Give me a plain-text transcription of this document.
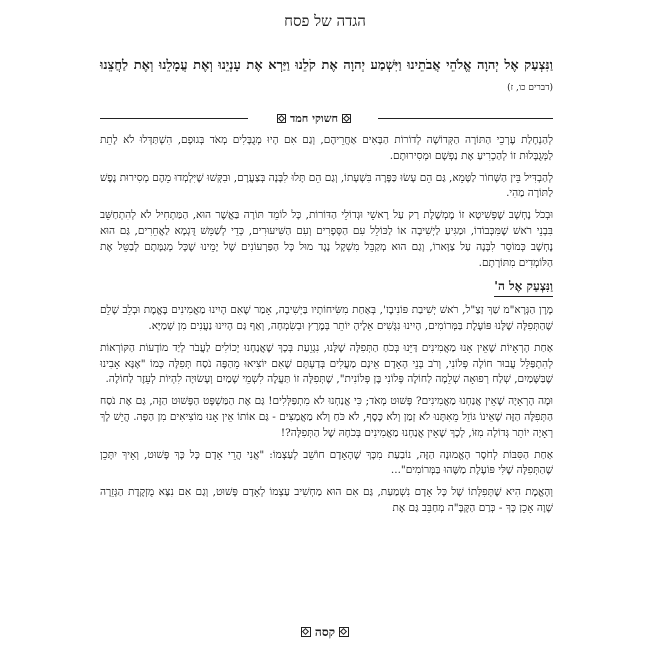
הגדה של פסח
וַנִּצְעַק אֶל יְהוָה אֱלֹהֵי אֲבֹתֵינוּ וַיִּשְׁמַע יְהוָה אֶת קֹלֵנוּ וַיַּרְא אֶת עָנְיֵנוּ וְאֶת עֲמָלֵנוּ וְאֶת לַחֲצֵנוּ (דברים כו, ז)
חשוקי חמד

לְהַנְחָלַת עֶרְכֵי הַתּוֹרָה הַקְּדוֹשָׁה לְדוֹרוֹת הַבָּאִים אַחֲרֵיהֶם, וְגַם אִם הָיוּ מְגֻבָּלִים מְאֹד בְּגוּפָם, הִשְׁתַּדְּלוּ לֹא לָתֵת לַמְּגֻבָּלוּת זוֹ לְהַכְרִיעַ אֶת נַפְשָׁם וּמְסִירוּתָם.

לְהַבְדִּיל בֵּין הַשָּׁחוֹר לַטָּמֵא, גַּם הֵם עָשׂוּ כַּפָּרָה בִּשְׁעָתוֹ, וְגַם הֵם תָּלוּ לִבָּנָה בְּצַעֲרָם, וּבִקְּשׁוּ שֶׁיִּלְמְדוּ מֵהֶם מְסִירוּת נֶפֶשׁ לַתּוֹרָה מַהִי.

וּבְכֹל נֶחְשָׁב שֶׁפְּשִׁיטָא זוֹ מֶמְשֶׁלֶת רַק עַל רָאשֵׁי וּגְדוֹלֵי הַדּוֹרוֹת, כָּל לוֹמֵד תּוֹרָה בַּאֲשֶׁר הוּא, הַמַּתְחִיל לֹא לְהִתְחַשֵּׁב בִּבְנֵי רֹאשׁ שֶׁמִּכְּבוֹדוֹ, וּמַגִּיעַ לַיְשִׁיבָה אוֹ לַכּוֹלֵל עִם הַסְּפָרִים וְעִם הַשִּׁיעוּרִים, כְּדֵי לְשַׁמֵּשׁ דֻּגְמָא לַאֲחֵרִים, גַּם הוּא נֶחְשָׁב כְּמוֹסֵר לִבָּנָה עַל צַוָּארוֹ, וְגַם הוּא מְקַבֵּל מִשְׁקָל נֶגֶד מוּל כָּל הַפַּרְעוֹנִים שֶׁל יָמֵינוּ שֶׁכָּל מְגַמָּתָם לְבַטֵּל אֶת הַלּוֹמְדִים מִתּוֹרָתָם.

וַנִּצְעַק אֶל ה'

מָרָן הַגְּרָא"מ שַׁךְ זַצַ"ל, רֹאשׁ יְשִׁיבַת פּוֹנִיבֶז', בְּאַחַת מִשִּׂיחוֹתָיו בַּיְשִׁיבָה, אָמַר שֶׁאִם הָיִינוּ מַאֲמִינִים בֶּאֱמֶת וּבְלֵב שָׁלֵם שֶׁהַתְּפִלָּה שֶׁלָּנוּ פּוֹעֶלֶת בַּמְּרוֹמִים, הָיִינוּ נִגָּשִׁים אֵלֶיהָ יוֹתֵר בְּמֶרֶץ וּבְשִׂמְחָה, וְאַף גַּם הָיִינוּ נַעֲנִים מִן שְׁמַיָּא.

אַחַת הָרְאָיוֹת שֶׁאֵין אָנוּ מַאֲמִינִים דַּיֵּנוּ בְּכֹחַ הַתְּפִלָּה שֶׁלָּנוּ, נִגְוֵעַת בְּכָךְ שֶׁאֲנַחְנוּ יְכוֹלִים לַעֲבֹר לְיַד מוֹדָעוֹת הַקּוֹרְאוֹת לְהִתְפַּלֵּל עֲבוּר חוֹלֶה פְּלוֹנִי, וְרֹב בְּנֵי הָאָדָם אֵינָם מַעֲלִים בְּדַעְתָּם שֶׁאִם יוֹצִיאוּ מֵהַפֶּה נֹסַח תְּפִלָּה כְּמוֹ "אָנָּא אָבִינוּ שֶׁבַּשָּׁמַיִם, שְׁלַח רְפוּאָה שְׁלֵמָה לַחוֹלֶה פְּלוֹנִי בֶּן פְּלוֹנִית", שֶׁתְּפִלָּה זוֹ תַּעֲלֶה לִשְׁמֵי שָׁמַיִם וְעָשׂוּיָה לִהְיוֹת לְעֵזֶר לַחוֹלֶה.

וּמָה הָרְאָיָה שֶׁאֵין אֲנַחְנוּ מַאֲמִינִים? פָּשׁוּט מְאֹד; כִּי אֲנַחְנוּ לֹא מִתְפַּלְּלִים! גַּם אֶת הַמַּשְׁפָּט הַפָּשׁוּט הַזֶּה, גַּם אֶת נֹסַח הַתְּפִלָּה הַזֶּה שֶׁאֵינוֹ גּוֹזֵל מֵאִתָּנוּ לֹא זְמַן וְלֹא כֶּסֶף, לֹא כֹּחַ וְלֹא מַאֲמַצִּים - גַּם אוֹתוֹ אֵין אָנוּ מוֹצִיאִים מִן הַפֶּה. הֲיֵשׁ לָךְ רְאָיָה יוֹתֵר גְּדוֹלָה מִזּוֹ, לְכָךְ שֶׁאֵין אֲנַחְנוּ מַאֲמִינִים בְּכֹחָהּ שֶׁל הַתְּפִלָּה?!

אַחַת הַסִּבּוֹת לְחֹסֶר הָאֱמוּנָה הַזֶּה, נוֹבַעַת מִכָּךְ שֶׁהָאָדָם חוֹשֵׁב לְעַצְמוֹ: "אֲנִי הֲרֵי אָדָם כָּל כָּךְ פָּשׁוּט, וְאֵיךְ יִתָּכֵן שֶׁהַתְּפִלָּה שֶׁלִּי פּוֹעֶלֶת מַשֶּׁהוּ בַּמְּרוֹמִים"...

וְהָאֱמֶת הִיא שֶׁתְּפִלָּתוֹ שֶׁל כָּל אָדָם נִשְׁמַעַת, גַּם אִם הוּא מַחְשִׁיב עַצְמוֹ לְאָדָם פָּשׁוּט, וְגַם אִם נִצָּא מֻזְקֶדֶת הַגְּזֵרָה שָׁוָה אָכֵן כָּךְ - כְּרַם הַקָּבָּ"ה מְחַבֵּב גַּם אֶת

קסה
